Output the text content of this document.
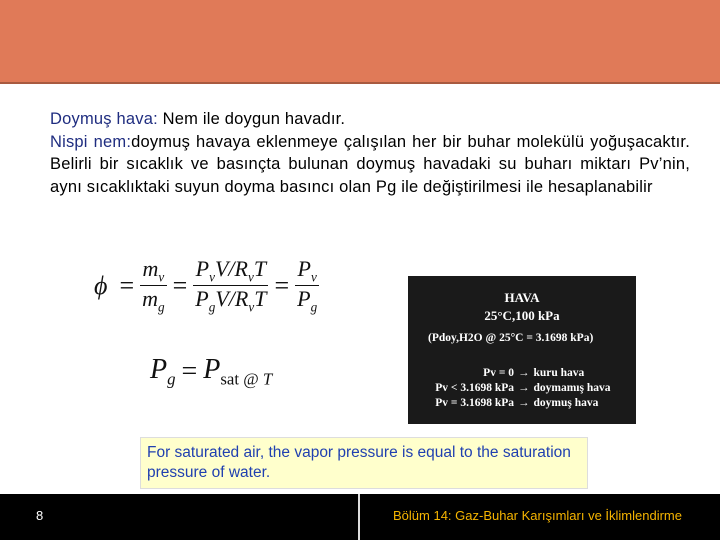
Doymuş hava: Nem ile doygun havadır.

Nispi nem:doymuş havaya eklenmeye çalışılan her bir buhar molekülü yoğuşacaktır. Belirli bir sıcaklık ve basınçta bulunan doymuş havadaki su buharı miktarı Pv’nin, aynı sıcaklıktaki suyun doyma basıncı olan Pg ile değiştirilmesi ile hesaplanabilir

$\phi = \frac{m_v}{m_g} = \frac{P_vV/R_vT}{P_gV/R_vT} = \frac{P_v}{P_g}$
$P_g = P_{sat @}$ $_T$
HAVA
25°C,100 kPa
(Pdoy,H2O @ 25°C = 3.1698 kPa)
Pv = 0 → kuru hava
Pv < 3.1698 kPa → doymamış hava
Pv = 3.1698 kPa → doymuş hava
For saturated air, the vapor pressure is equal to the saturation pressure of water.
8	Bölüm 14: Gaz-Buhar Karışımları ve İklimlendirme
